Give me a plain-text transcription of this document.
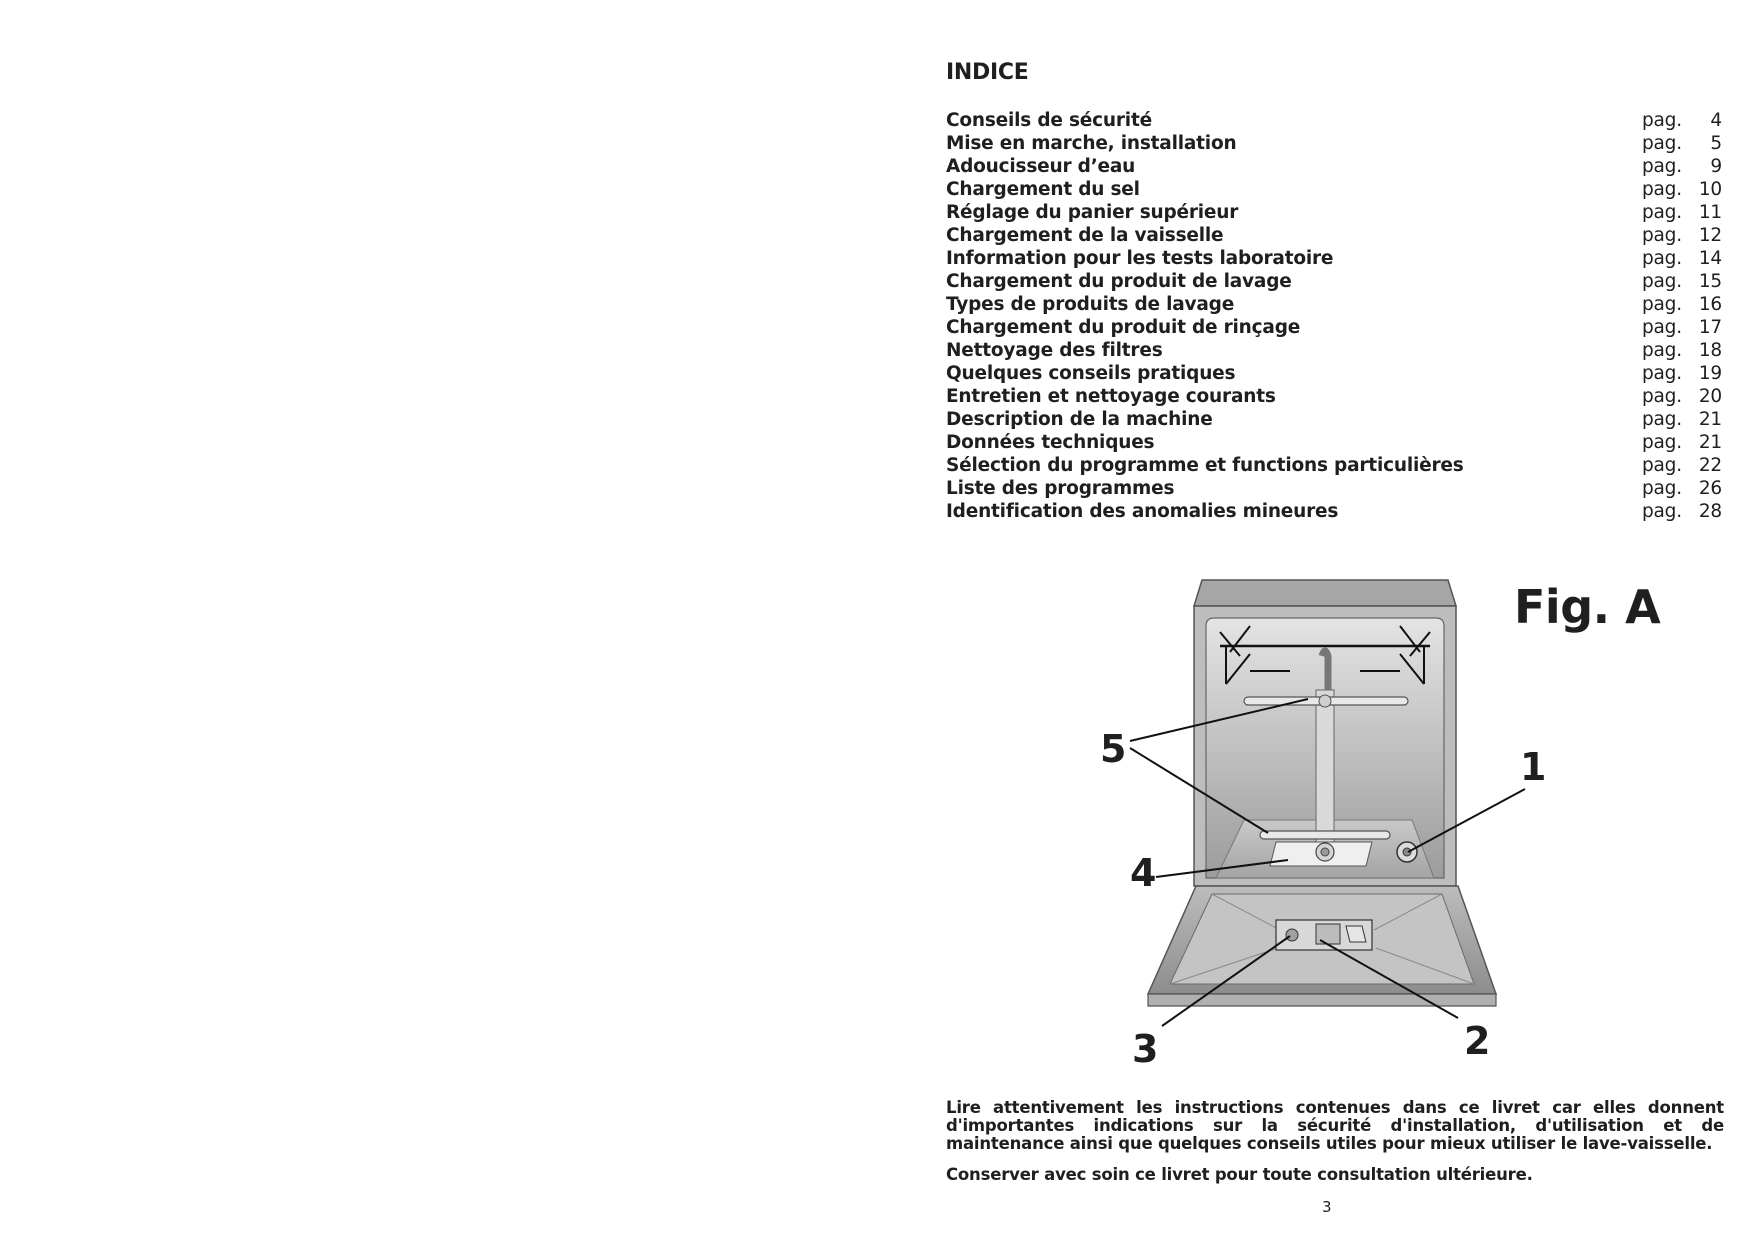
INDICE
Conseils de sécurité	pag.	4
Mise en marche, installation	pag.	5
Adoucisseur d’eau	pag.	9
Chargement du sel	pag. 10
Réglage du panier supérieur	pag. 11
Chargement de la vaisselle	pag. 12
Information pour les tests laboratoire	pag. 14
Chargement du produit de lavage	pag. 15
Types de produits de lavage	pag. 16
Chargement du produit de rinçage	pag. 17
Nettoyage des filtres	pag. 18
Quelques conseils pratiques	pag. 19
Entretien et nettoyage courants	pag. 20
Description de la machine	pag. 21
Données techniques	pag. 21
Sélection du programme et functions particulières	pag. 22
Liste des programmes	pag. 26
Identification des anomalies mineures	pag. 28
Fig. A
5	1
4
3	2

Lire attentivement les instructions contenues dans ce livret car elles donnent d'importantes indications sur la sécurité d'installation, d'utilisation et de maintenance ainsi que quelques conseils utiles pour mieux utiliser le lave-vaisselle.

Conserver avec soin ce livret pour toute consultation ultérieure.

3
